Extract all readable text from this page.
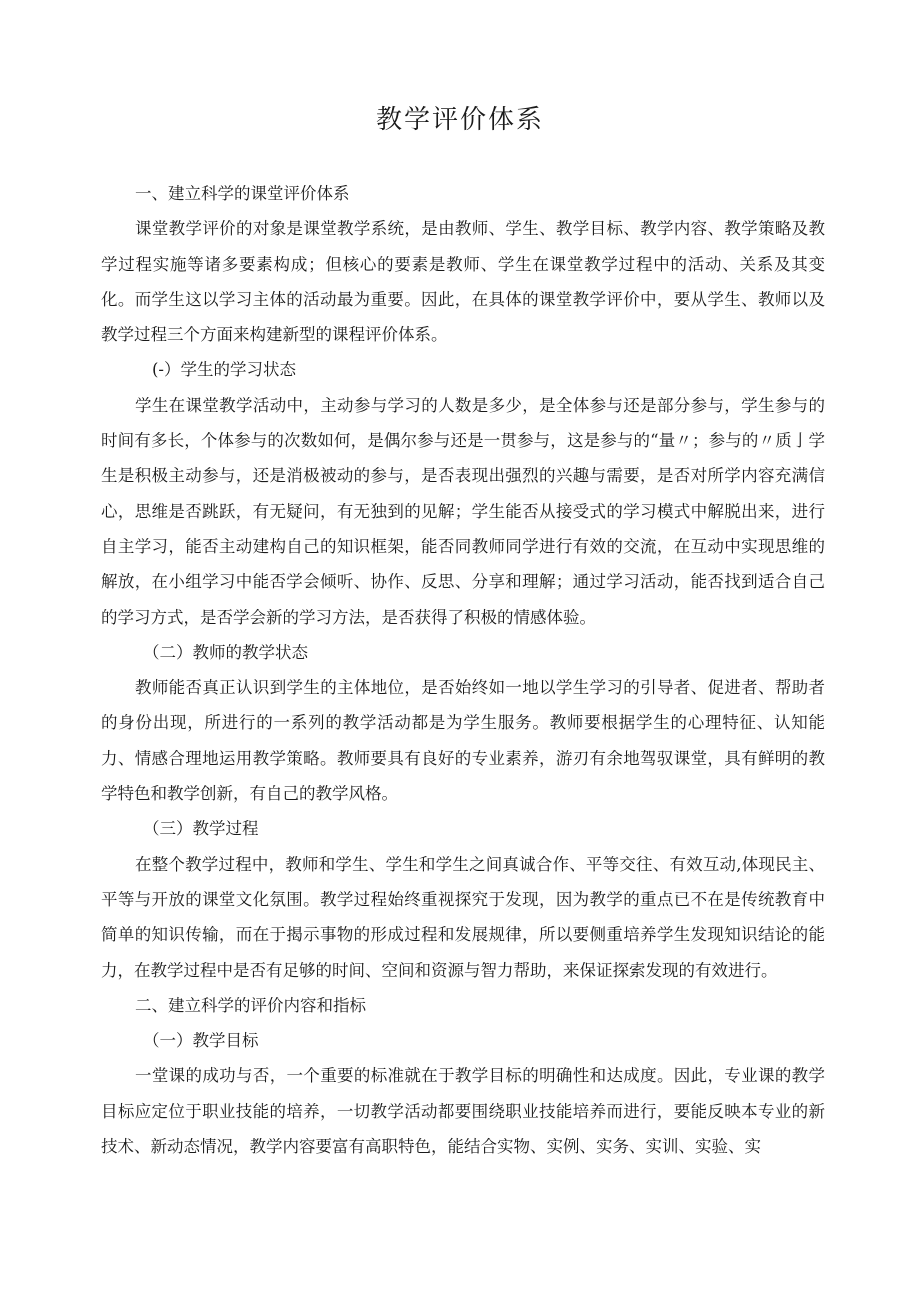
教学评价体系

一、建立科学的课堂评价体系

课堂教学评价的对象是课堂教学系统，是由教师、学生、教学目标、教学内容、教学策略及教学过程实施等诸多要素构成；但核心的要素是教师、学生在课堂教学过程中的活动、关系及其变化。而学生这以学习主体的活动最为重要。因此，在具体的课堂教学评价中，要从学生、教师以及教学过程三个方面来构建新型的课程评价体系。

(-）学生的学习状态

学生在课堂教学活动中，主动参与学习的人数是多少，是全体参与还是部分参与，学生参与的时间有多长，个体参与的次数如何，是偶尔参与还是一贯参与，这是参与的“量〃；参与的〃质亅学生是积极主动参与，还是消极被动的参与，是否表现出强烈的兴趣与需要，是否对所学内容充满信心，思维是否跳跃，有无疑问，有无独到的见解；学生能否从接受式的学习模式中解脱出来，进行自主学习，能否主动建构自己的知识框架，能否同教师同学进行有效的交流，在互动中实现思维的解放，在小组学习中能否学会倾听、协作、反思、分享和理解；通过学习活动，能否找到适合自己的学习方式，是否学会新的学习方法，是否获得了积极的情感体验。

（二）教师的教学状态

教师能否真正认识到学生的主体地位，是否始终如一地以学生学习的引导者、促进者、帮助者的身份出现，所进行的一系列的教学活动都是为学生服务。教师要根据学生的心理特征、认知能力、情感合理地运用教学策略。教师要具有良好的专业素养，游刃有余地驾驭课堂，具有鲜明的教学特色和教学创新，有自己的教学风格。

（三）教学过程

在整个教学过程中，教师和学生、学生和学生之间真诚合作、平等交往、有效互动,体现民主、平等与开放的课堂文化氛围。教学过程始终重视探究于发现，因为教学的重点已不在是传统教育中简单的知识传输，而在于揭示事物的形成过程和发展规律，所以要侧重培养学生发现知识结论的能力，在教学过程中是否有足够的时间、空间和资源与智力帮助，来保证探索发现的有效进行。

二、建立科学的评价内容和指标

（一）教学目标

一堂课的成功与否，一个重要的标准就在于教学目标的明确性和达成度。因此，专业课的教学目标应定位于职业技能的培养，一切教学活动都要围绕职业技能培养而进行，要能反映本专业的新技术、新动态情况，教学内容要富有高职特色，能结合实物、实例、实务、实训、实验、实
